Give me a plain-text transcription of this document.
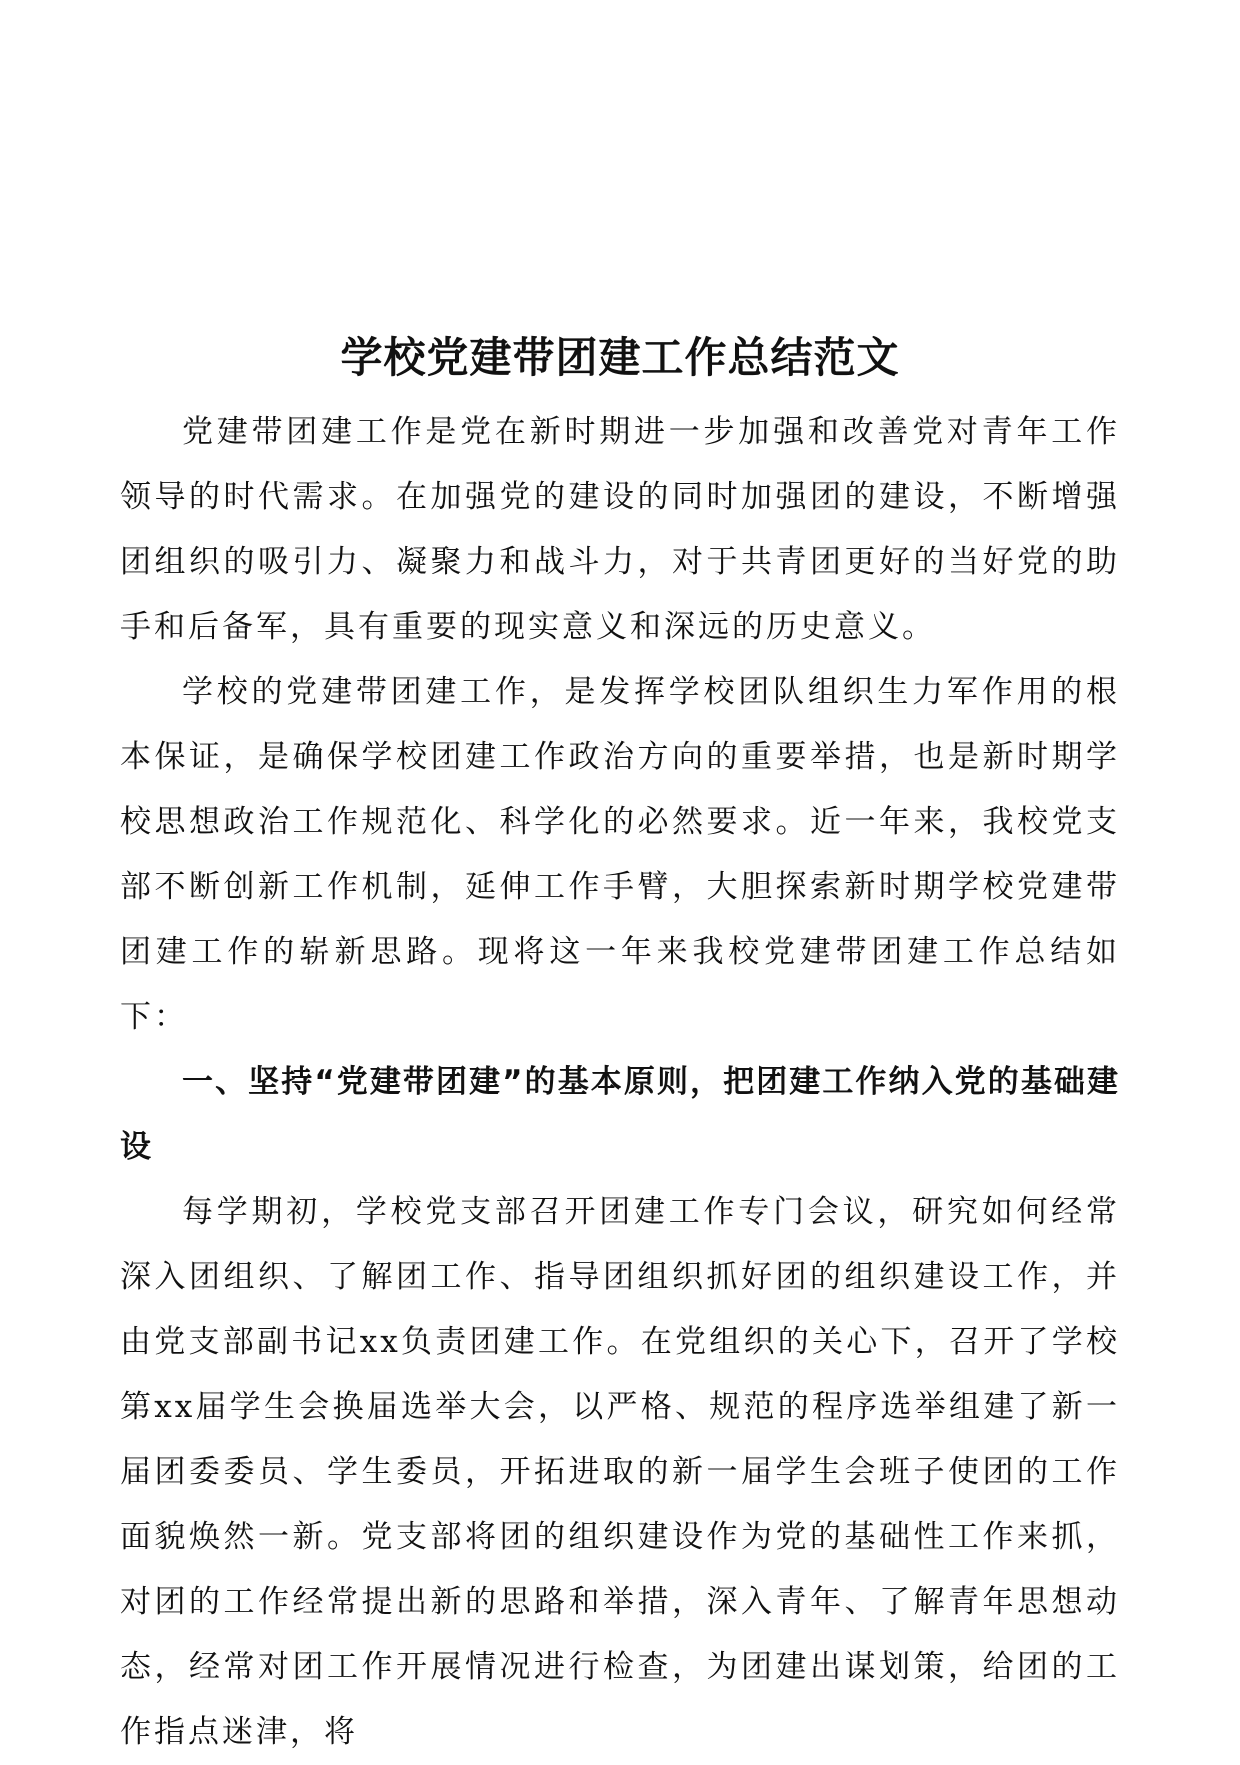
学校党建带团建工作总结范文

党建带团建工作是党在新时期进一步加强和改善党对青年工作领导的时代需求。在加强党的建设的同时加强团的建设，不断增强团组织的吸引力、凝聚力和战斗力，对于共青团更好的当好党的助手和后备军，具有重要的现实意义和深远的历史意义。

学校的党建带团建工作，是发挥学校团队组织生力军作用的根本保证，是确保学校团建工作政治方向的重要举措，也是新时期学校思想政治工作规范化、科学化的必然要求。近一年来，我校党支部不断创新工作机制，延伸工作手臂，大胆探索新时期学校党建带团建工作的崭新思路。现将这一年来我校党建带团建工作总结如下：

一、坚持“党建带团建”的基本原则，把团建工作纳入党的基础建设

每学期初，学校党支部召开团建工作专门会议，研究如何经常深入团组织、了解团工作、指导团组织抓好团的组织建设工作，并由党支部副书记xx负责团建工作。在党组织的关心下，召开了学校第xx届学生会换届选举大会，以严格、规范的程序选举组建了新一届团委委员、学生委员，开拓进取的新一届学生会班子使团的工作面貌焕然一新。党支部将团的组织建设作为党的基础性工作来抓，对团的工作经常提出新的思路和举措，深入青年、了解青年思想动态，经常对团工作开展情况进行检查，为团建出谋划策，给团的工作指点迷津，将
